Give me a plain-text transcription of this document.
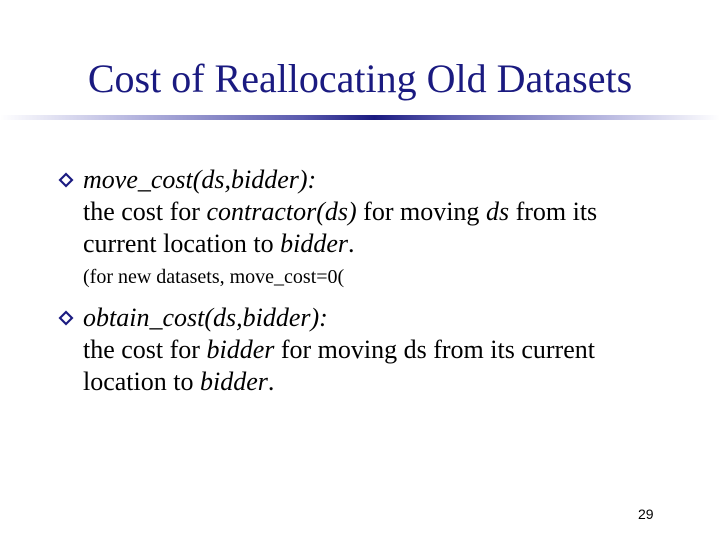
Cost of Reallocating Old Datasets
move_cost(ds,bidder):
the cost for contractor(ds) for moving ds from its
current location to bidder.
(for new datasets, move_cost=0(
obtain_cost(ds,bidder):
the cost for bidder for moving ds from its current
location to bidder.
29
